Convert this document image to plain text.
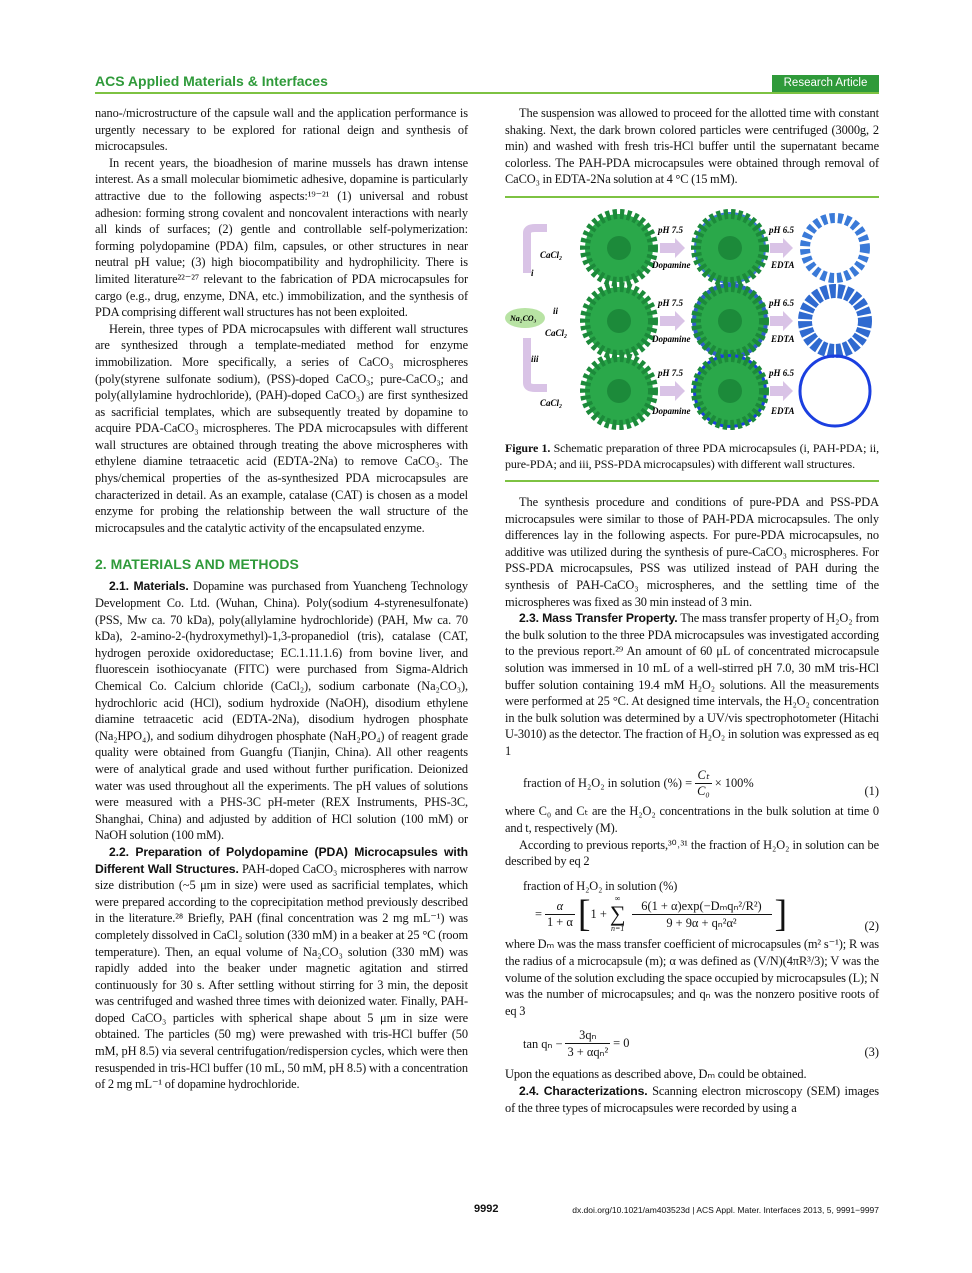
ACS Applied Materials & Interfaces	Research Article

nano-/microstructure of the capsule wall and the application performance is urgently necessary to be explored for rational deign and synthesis of microcapsules.

In recent years, the bioadhesion of marine mussels has drawn intense interest. As a small molecular biomimetic adhesive, dopamine is particularly attractive due to the following aspects:¹⁹⁻²¹ (1) universal and robust adhesion: forming strong covalent and noncovalent interactions with nearly all kinds of surfaces; (2) gentle and controllable self-polymerization: forming polydopamine (PDA) film, capsules, or other structures in near neutral pH value; (3) high biocompatibility and hydrophilicity. There is limited literature²²⁻²⁷ relevant to the fabrication of PDA microcapsules for cargo (e.g., drug, enzyme, DNA, etc.) immobilization, and the synthesis of PDA comprising different wall structures has not been exploited.

Herein, three types of PDA microcapsules with different wall structures are synthesized through a template-mediated method for enzyme immobilization. More specifically, a series of CaCO₃ microspheres (poly(styrene sulfonate sodium), (PSS)-doped CaCO₃; pure-CaCO₃; and poly(allylamine hydrochloride), (PAH)-doped CaCO₃) are first synthesized as sacrificial templates, which are subsequently treated by dopamine to acquire PDA-CaCO₃ microspheres. The PDA microcapsules with different wall structures are obtained through treating the above microspheres with ethylene diamine tetraacetic acid (EDTA-2Na) to remove CaCO₃. The phys/chemical properties of the as-synthesized PDA microcapsules are characterized in detail. As an example, catalase (CAT) is chosen as a model enzyme for probing the relationship between the wall structure of the microcapsules and the catalytic activity of the encapsulated enzyme.

2. MATERIALS AND METHODS

2.1. Materials. Dopamine was purchased from Yuancheng Technology Development Co. Ltd. (Wuhan, China). Poly(sodium 4-styrenesulfonate) (PSS, Mw ca. 70 kDa), poly(allylamine hydrochloride) (PAH, Mw ca. 70 kDa), 2-amino-2-(hydroxymethyl)-1,3-propanediol (tris), catalase (CAT, hydrogen peroxide oxidoreductase; EC.1.11.1.6) from bovine liver, and fluorescein isothiocyanate (FITC) were purchased from Sigma-Aldrich Chemical Co. Calcium chloride (CaCl₂), sodium carbonate (Na₂CO₃), hydrochloric acid (HCl), sodium hydroxide (NaOH), disodium ethylene diamine tetraacetic acid (EDTA-2Na), disodium hydrogen phosphate (Na₂HPO₄), and sodium dihydrogen phosphate (NaH₂PO₄) of reagent grade quality were obtained from Guangfu (Tianjin, China). All other reagents were of analytical grade and used without further purification. Deionized water was used throughout all the experiments. The pH values of solutions were measured with a PHS-3C pH-meter (REX Instruments, PHS-3C, Shanghai, China) and adjusted by addition of HCl solution (100 mM) or NaOH solution (100 mM).

2.2. Preparation of Polydopamine (PDA) Microcapsules with Different Wall Structures. PAH-doped CaCO₃ microspheres with narrow size distribution (~5 μm in size) were used as sacrificial templates, which were prepared according to the coprecipitation method previously described in the literature.²⁸ Briefly, PAH (final concentration was 2 mg mL⁻¹) was completely dissolved in CaCl₂ solution (330 mM) in a beaker at 25 °C (room temperature). Then, an equal volume of Na₂CO₃ solution (330 mM) was rapidly added into the beaker under magnetic agitation and stirred continuously for 30 s. After settling without stirring for 3 min, the deposit was centrifuged and washed three times with deionized water. Finally, PAH-doped CaCO₃ particles with spherical shape about 5 μm in size were obtained. The particles (50 mg) were prewashed with tris-HCl buffer (50 mM, pH 8.5) via several centrifugation/redispersion cycles, which were then resuspended in tris-HCl buffer (10 mL, 50 mM, pH 8.5) with a concentration of 2 mg mL⁻¹ of dopamine hydrochloride.

The suspension was allowed to proceed for the allotted time with constant shaking. Next, the dark brown colored particles were centrifuged (3000g, 2 min) and washed with fresh tris-HCl buffer until the supernatant became colorless. The PAH-PDA microcapsules were obtained through removal of CaCO₃ in EDTA-2Na solution at 4 °C (15 mM).

Na₂CO₃
i
ii
iii
CaCl₂
CaCl₂
CaCl₂
pH 7.5
Dopamine
pH 7.5
Dopamine
pH 7.5
Dopamine
pH 6.5
EDTA
pH 6.5
EDTA
pH 6.5
EDTA

Figure 1. Schematic preparation of three PDA microcapsules (i, PAH-PDA; ii, pure-PDA; and iii, PSS-PDA microcapsules) with different wall structures.

The synthesis procedure and conditions of pure-PDA and PSS-PDA microcapsules were similar to those of PAH-PDA microcapsules. The only differences lay in the following aspects. For pure-PDA microcapsules, no additive was utilized during the synthesis of pure-CaCO₃ microspheres. For PSS-PDA microcapsules, PSS was utilized instead of PAH during the synthesis of PAH-CaCO₃ microspheres, and the settling time of the microspheres was fixed as 30 min instead of 3 min.

2.3. Mass Transfer Property. The mass transfer property of H₂O₂ from the bulk solution to the three PDA microcapsules was investigated according to the previous report.²⁹ An amount of 60 μL of concentrated microcapsule solution was immersed in 10 mL of a well-stirred pH 7.0, 30 mM tris-HCl buffer solution containing 19.4 mM H₂O₂ solutions. All the measurements were performed at 25 °C. At designed time intervals, the H₂O₂ concentration in the bulk solution was determined by a UV/vis spectrophotometer (Hitachi U-3010) as the detector. The fraction of H₂O₂ in solution was expressed as eq 1

fraction of H₂O₂ in solution (%) = $\frac{\text{Cₜ}}{\text{C₀}} \times 100\%$
(1)

where C₀ and Cₜ are the H₂O₂ concentrations in the bulk solution at time 0 and t, respectively (M).

According to previous reports,³⁰˒³¹ the fraction of H₂O₂ in solution can be described by eq 2

fraction of H₂O₂ in solution (%)
= $\frac{\alpha}{1 + \alpha}$ [ 1 +
∞
∑
$n=1 \frac{\text{6(1 + α)exp(−Dₘqₙ²/R²)}}{\text{9 + 9α + qₙ²α²}}$ ]	(2)

where Dₘ was the mass transfer coefficient of microcapsules (m² s⁻¹); R was the radius of a microcapsule (m); α was defined as (V/N)(4πR³/3); V was the volume of the solution excluding the space occupied by microcapsules (L); N was the number of microcapsules; and qₙ was the nonzero positive roots of eq 3

$\tan q_n - \frac{\text{3qₙ}}{\text{3 + αqₙ²}} = 0$
(3)

Upon the equations as described above, Dₘ could be obtained.

2.4. Characterizations. Scanning electron microscopy (SEM) images of the three types of microcapsules were recorded by using a

9992	dx.doi.org/10.1021/am403523d | ACS Appl. Mater. Interfaces 2013, 5, 9991−9997
